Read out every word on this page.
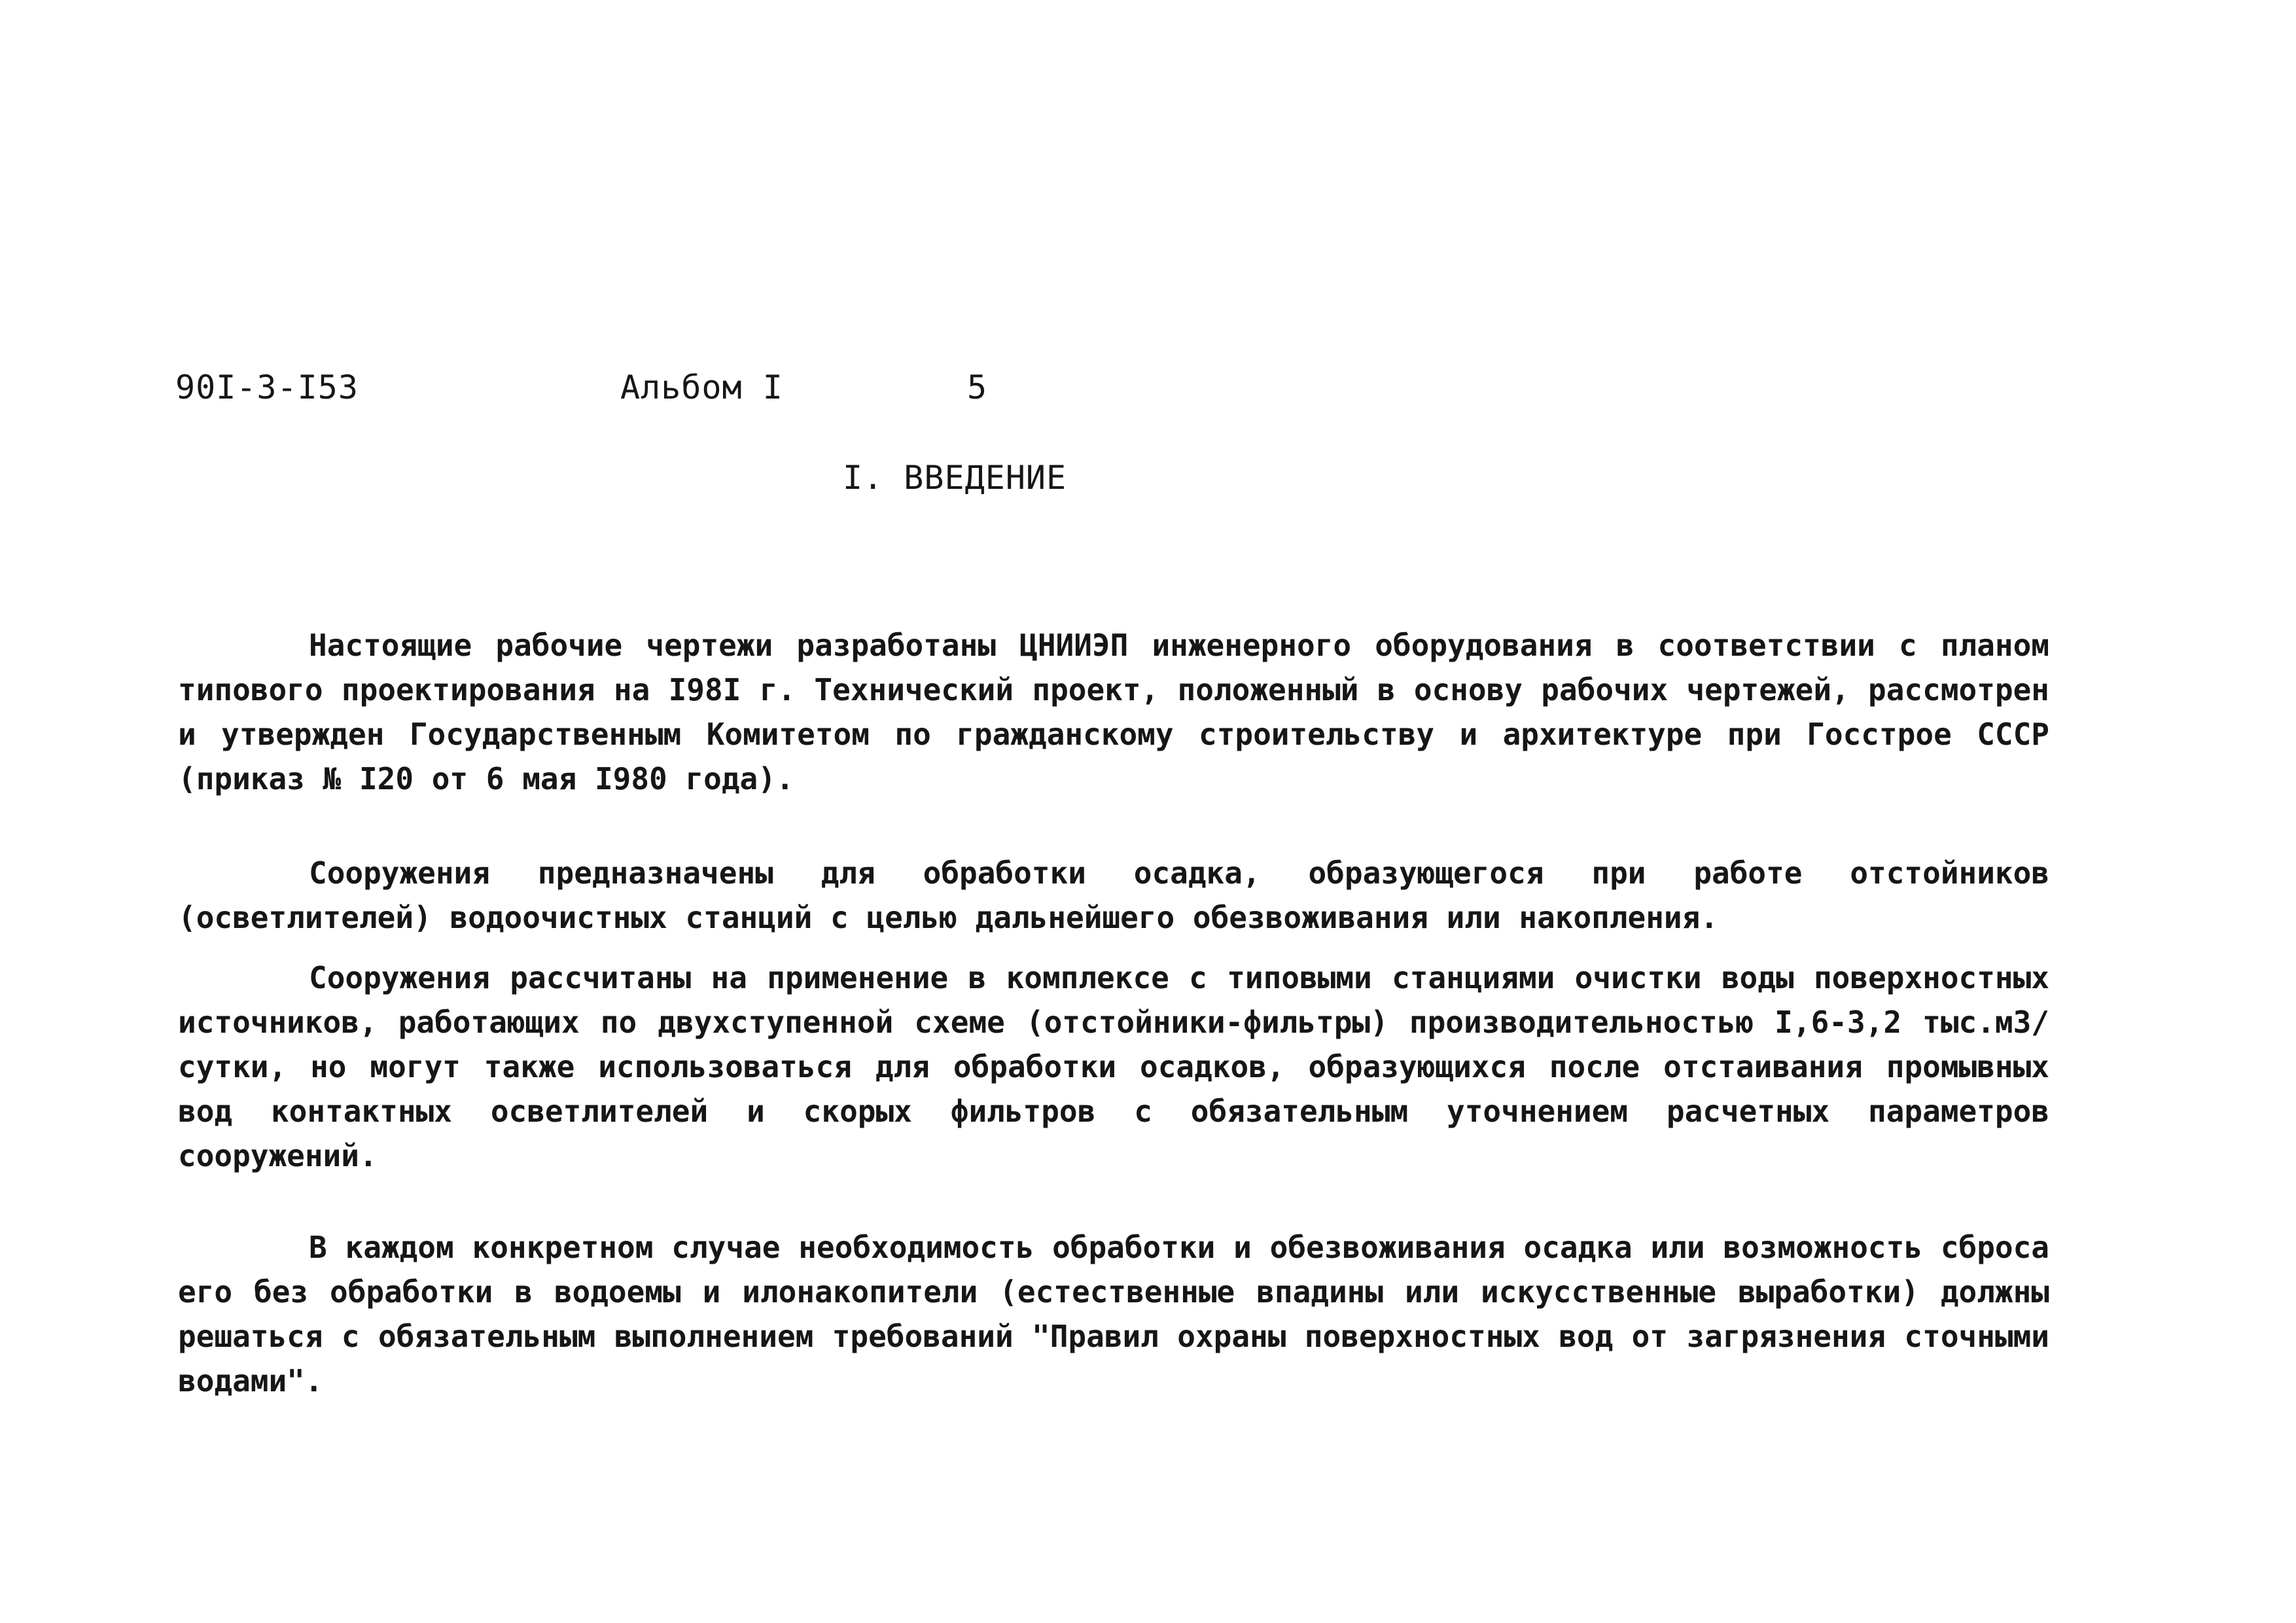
90I-3-I53	Альбом I	5
I. ВВЕДЕНИЕ

Настоящие рабочие чертежи разработаны ЦНИИЭП инженерного оборудования в соответствии с планом типового проектирования на I98I г. Технический проект, положенный в основу рабочих чертежей, рассмотрен и утвержден Государственным Комитетом по гражданскому строительству и архитектуре при Госстрое СССР (приказ № I20 от 6 мая I980 года).

Сооружения предназначены для обработки осадка, образующегося при работе отстойников (осветлителей) водоочистных станций с целью дальнейшего обезвоживания или накопления.

Сооружения рассчитаны на применение в комплексе с типовыми станциями очистки воды поверхностных источников, работающих по двухступенной схеме (отстойники-фильтры) производительностью I,6-3,2 тыс.м3/сутки, но могут также использоваться для обработки осадков, образующихся после отстаивания промывных вод контактных осветлителей и скорых фильтров с обязательным уточнением расчетных параметров сооружений.

В каждом конкретном случае необходимость обработки и обезвоживания осадка или возможность сброса его без обработки в водоемы и илонакопители (естественные впадины или искусственные выработки) должны решаться с обязательным выполнением требований "Правил охраны поверхностных вод от загрязнения сточными водами".
